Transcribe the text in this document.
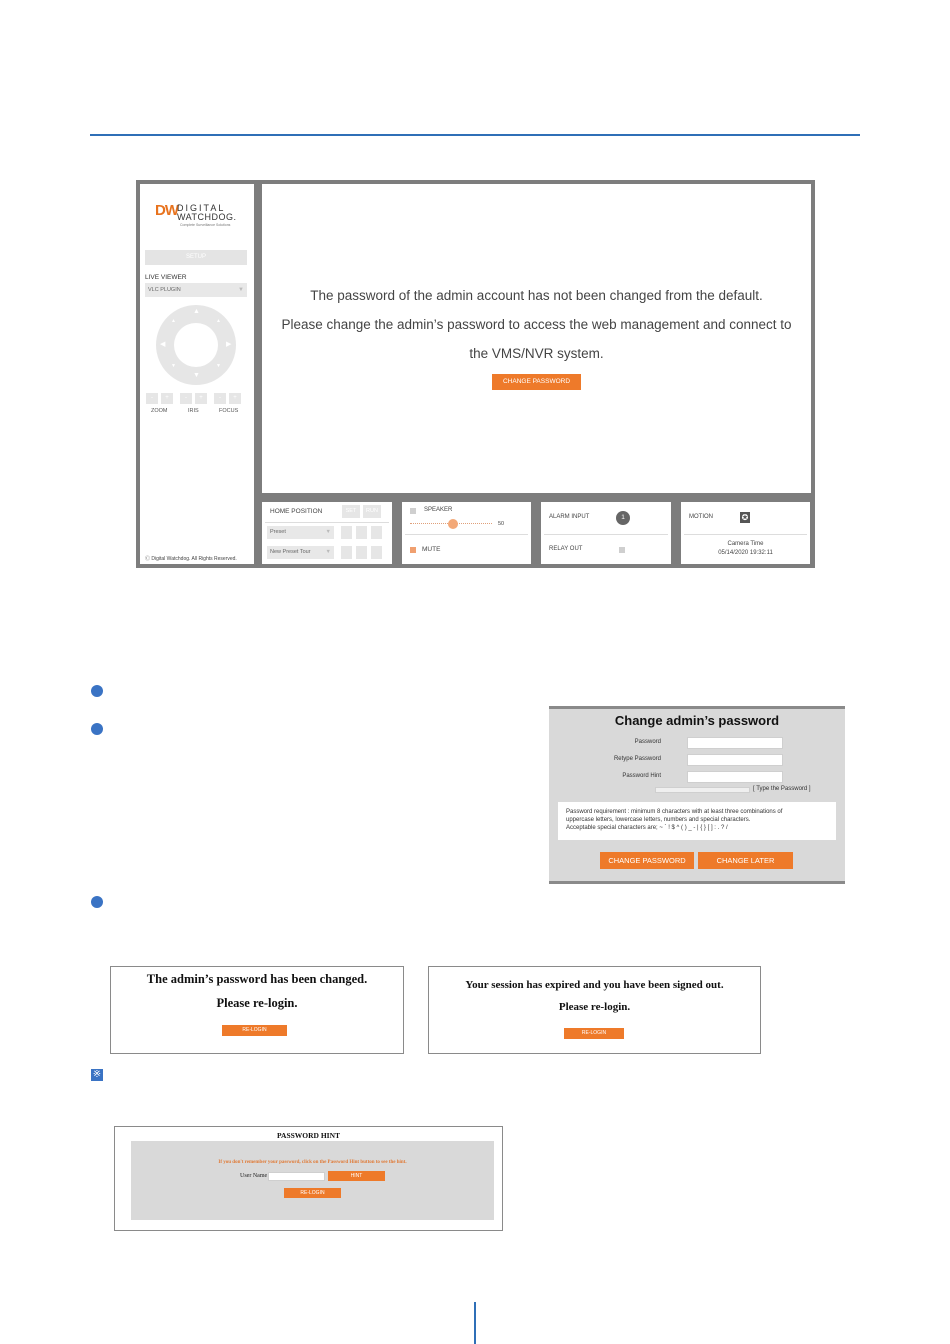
DW DIGITAL
WATCHDOG.
Complete Surveillance Solutions
SETUP
LIVE VIEWER
VLC PLUGIN	▼
▲
▼
◀	▶
▲	▲
▼	▼
-	+	-	+	-	+
ZOOM	IRIS	FOCUS
Ⓒ Digital Watchdog. All Rights Reserved.
The password of the admin account has not been changed from the default.
Please change the admin’s password to access the web management and connect to
the VMS/NVR system.
CHANGE PASSWORD
HOME POSITION	SET	RUN
Preset	▼
New Preset Tour	▼
SPEAKER
50
MUTE
ALARM INPUT	1
RELAY OUT
MOTION	✪
Camera Time
05/14/2020 19:32:11
※
Change admin’s password
Password
Retype Password
Password Hint
[ Type the Password ]
Password requirement : minimum 8 characters with at least three combinations of
uppercase letters, lowercase letters, numbers and special characters.
Acceptable special characters are; ~ ` ! $ ^ ( ) _ - | { } [ ] : . ? /
CHANGE PASSWORD	CHANGE LATER
The admin’s password has been changed.
Please re-login.
RE-LOGIN
Your session has expired and you have been signed out.
Please re-login.
RE-LOGIN
PASSWORD HINT
If you don't remember your password, click on the Password Hint button to see the hint.
User Name	HINT
RE-LOGIN
